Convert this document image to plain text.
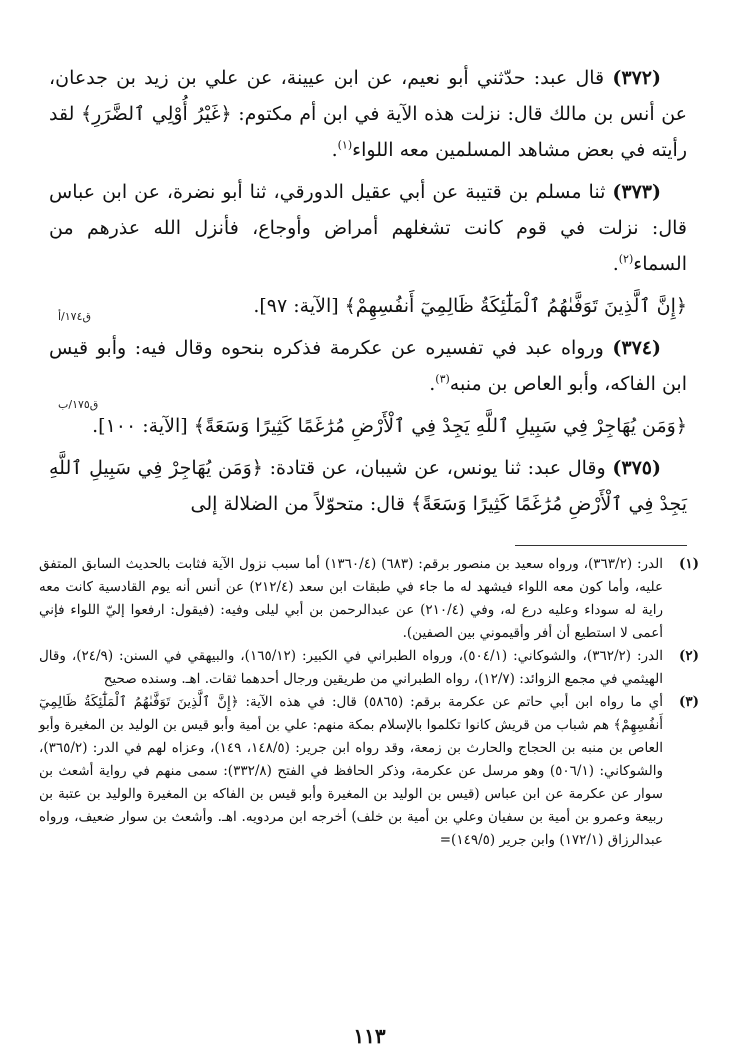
(٣٧٢) قال عبد: حدّثني أبو نعيم، عن ابن عيينة، عن علي بن زيد بن جدعان، عن أنس بن مالك قال: نزلت هذه الآية في ابن أم مكتوم: ﴿غَيْرُ أُوْلِي ٱلضَّرَرِ﴾ لقد رأيته في بعض مشاهد المسلمين معه اللواء$^{(١)}$.

(٣٧٣) ثنا مسلم بن قتيبة عن أبي عقيل الدورقي، ثنا أبو نضرة، عن ابن عباس قال: نزلت في قوم كانت تشغلهم أمراض وأوجاع، فأنزل الله عذرهم من السماء$^{(٢)}$.

﴿إِنَّ ٱلَّذِينَ تَوَفَّىٰهُمُ ٱلْمَلَٰٓئِكَةُ ظَالِمِيٓ أَنفُسِهِمْ﴾ [الآية: ٩٧].

(٣٧٤) ورواه عبد في تفسيره عن عكرمة فذكره بنحوه وقال فيه: وأبو قيس ابن الفاكه، وأبو العاص بن منبه$^{(٣)}$.

﴿وَمَن يُهَاجِرْ فِي سَبِيلِ ٱللَّهِ يَجِدْ فِي ٱلْأَرْضِ مُرَٰغَمًا كَثِيرًا وَسَعَةً﴾ [الآية: ١٠٠].

(٣٧٥) وقال عبد: ثنا يونس، عن شيبان، عن قتادة: ﴿وَمَن يُهَاجِرْ فِي سَبِيلِ ٱللَّهِ يَجِدْ فِي ٱلْأَرْضِ مُرَٰغَمًا كَثِيرًا وَسَعَةً﴾ قال: متحوّلاً من الضلالة إلى

ق١٧٤/أ
ق١٧٥/ب
(١)
الدر: (٣٦٣/٢)، ورواه سعيد بن منصور برقم: (٦٨٣) (١٣٦٠/٤) أما سبب نزول الآية فثابت بالحديث السابق المتفق عليه، وأما كون معه اللواء فيشهد له ما جاء في طبقات ابن سعد (٢١٢/٤) عن أنس أنه يوم القادسية كانت معه راية له سوداء وعليه درع له، وفي (٢١٠/٤) عن عبدالرحمن بن أبي ليلى وفيه: (فيقول: ارفعوا إليّ اللواء فإني أعمى لا استطيع أن أفر وأقيموني بين الصفين).
(٢)
الدر: (٣٦٢/٢)، والشوكاني: (٥٠٤/١)، ورواه الطبراني في الكبير: (١٦٥/١٢)، والبيهقي في السنن: (٢٤/٩)، وقال الهيثمي في مجمع الزوائد: (١٢/٧)، رواه الطبراني من طريقين ورجال أحدهما ثقات. اهـ. وسنده صحيح
(٣)
أي ما رواه ابن أبي حاتم عن عكرمة برقم: (٥٨٦٥) قال: في هذه الآية: ﴿إِنَّ ٱلَّذِينَ تَوَفَّىٰهُمُ ٱلْمَلَٰٓئِكَةُ ظَالِمِيٓ أَنفُسِهِمْ﴾ هم شباب من قريش كانوا تكلموا بالإسلام بمكة منهم: علي بن أمية وأبو قيس بن الوليد بن المغيرة وأبو العاص بن منبه بن الحجاج والحارث بن زمعة، وقد رواه ابن جرير: (١٤٨/٥، ١٤٩)، وعزاه لهم في الدر: (٣٦٥/٢)، والشوكاني: (٥٠٦/١) وهو مرسل عن عكرمة، وذكر الحافظ في الفتح (٣٣٢/٨): سمى منهم في رواية أشعث بن سوار عن عكرمة عن ابن عباس (قيس بن الوليد بن المغيرة وأبو قيس بن الفاكه بن المغيرة والوليد بن عتبة بن ربيعة وعمرو بن أمية بن سفيان وعلي بن أمية بن خلف) أخرجه ابن مردويه. اهـ. وأشعث بن سوار ضعيف، ورواه عبدالرزاق (١٧٢/١) وابن جرير (١٤٩/٥)=
١١٣
